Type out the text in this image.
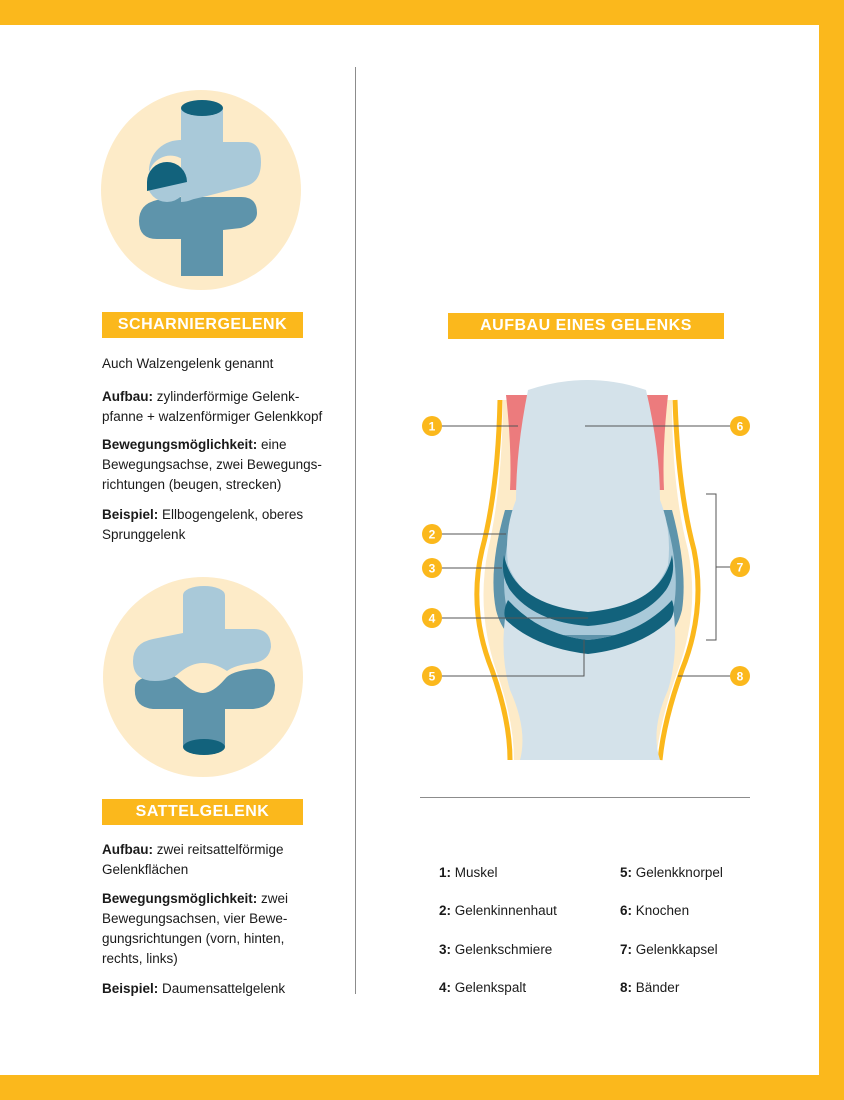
SCHARNIERGELENK
Auch Walzengelenk genannt
Aufbau: zylinderförmige Gelenk-
pfanne + walzenförmiger Gelenkkopf
Bewegungsmöglichkeit: eine
Bewegungsachse, zwei Bewegungs-
richtungen (beugen, strecken)
Beispiel: Ellbogengelenk, oberes
Sprunggelenk
SATTELGELENK
Aufbau: zwei reitsattelförmige
Gelenkflächen
Bewegungsmöglichkeit: zwei
Bewegungsachsen, vier Bewe-
gungsrichtungen (vorn, hinten,
rechts, links)
Beispiel: Daumensattelgelenk
AUFBAU EINES GELENKS
1
2
3
4
5
6
7
8
1: Muskel
2: Gelenkinnenhaut
3: Gelenkschmiere
4: Gelenkspalt
5: Gelenkknorpel
6: Knochen
7: Gelenkkapsel
8: Bänder
